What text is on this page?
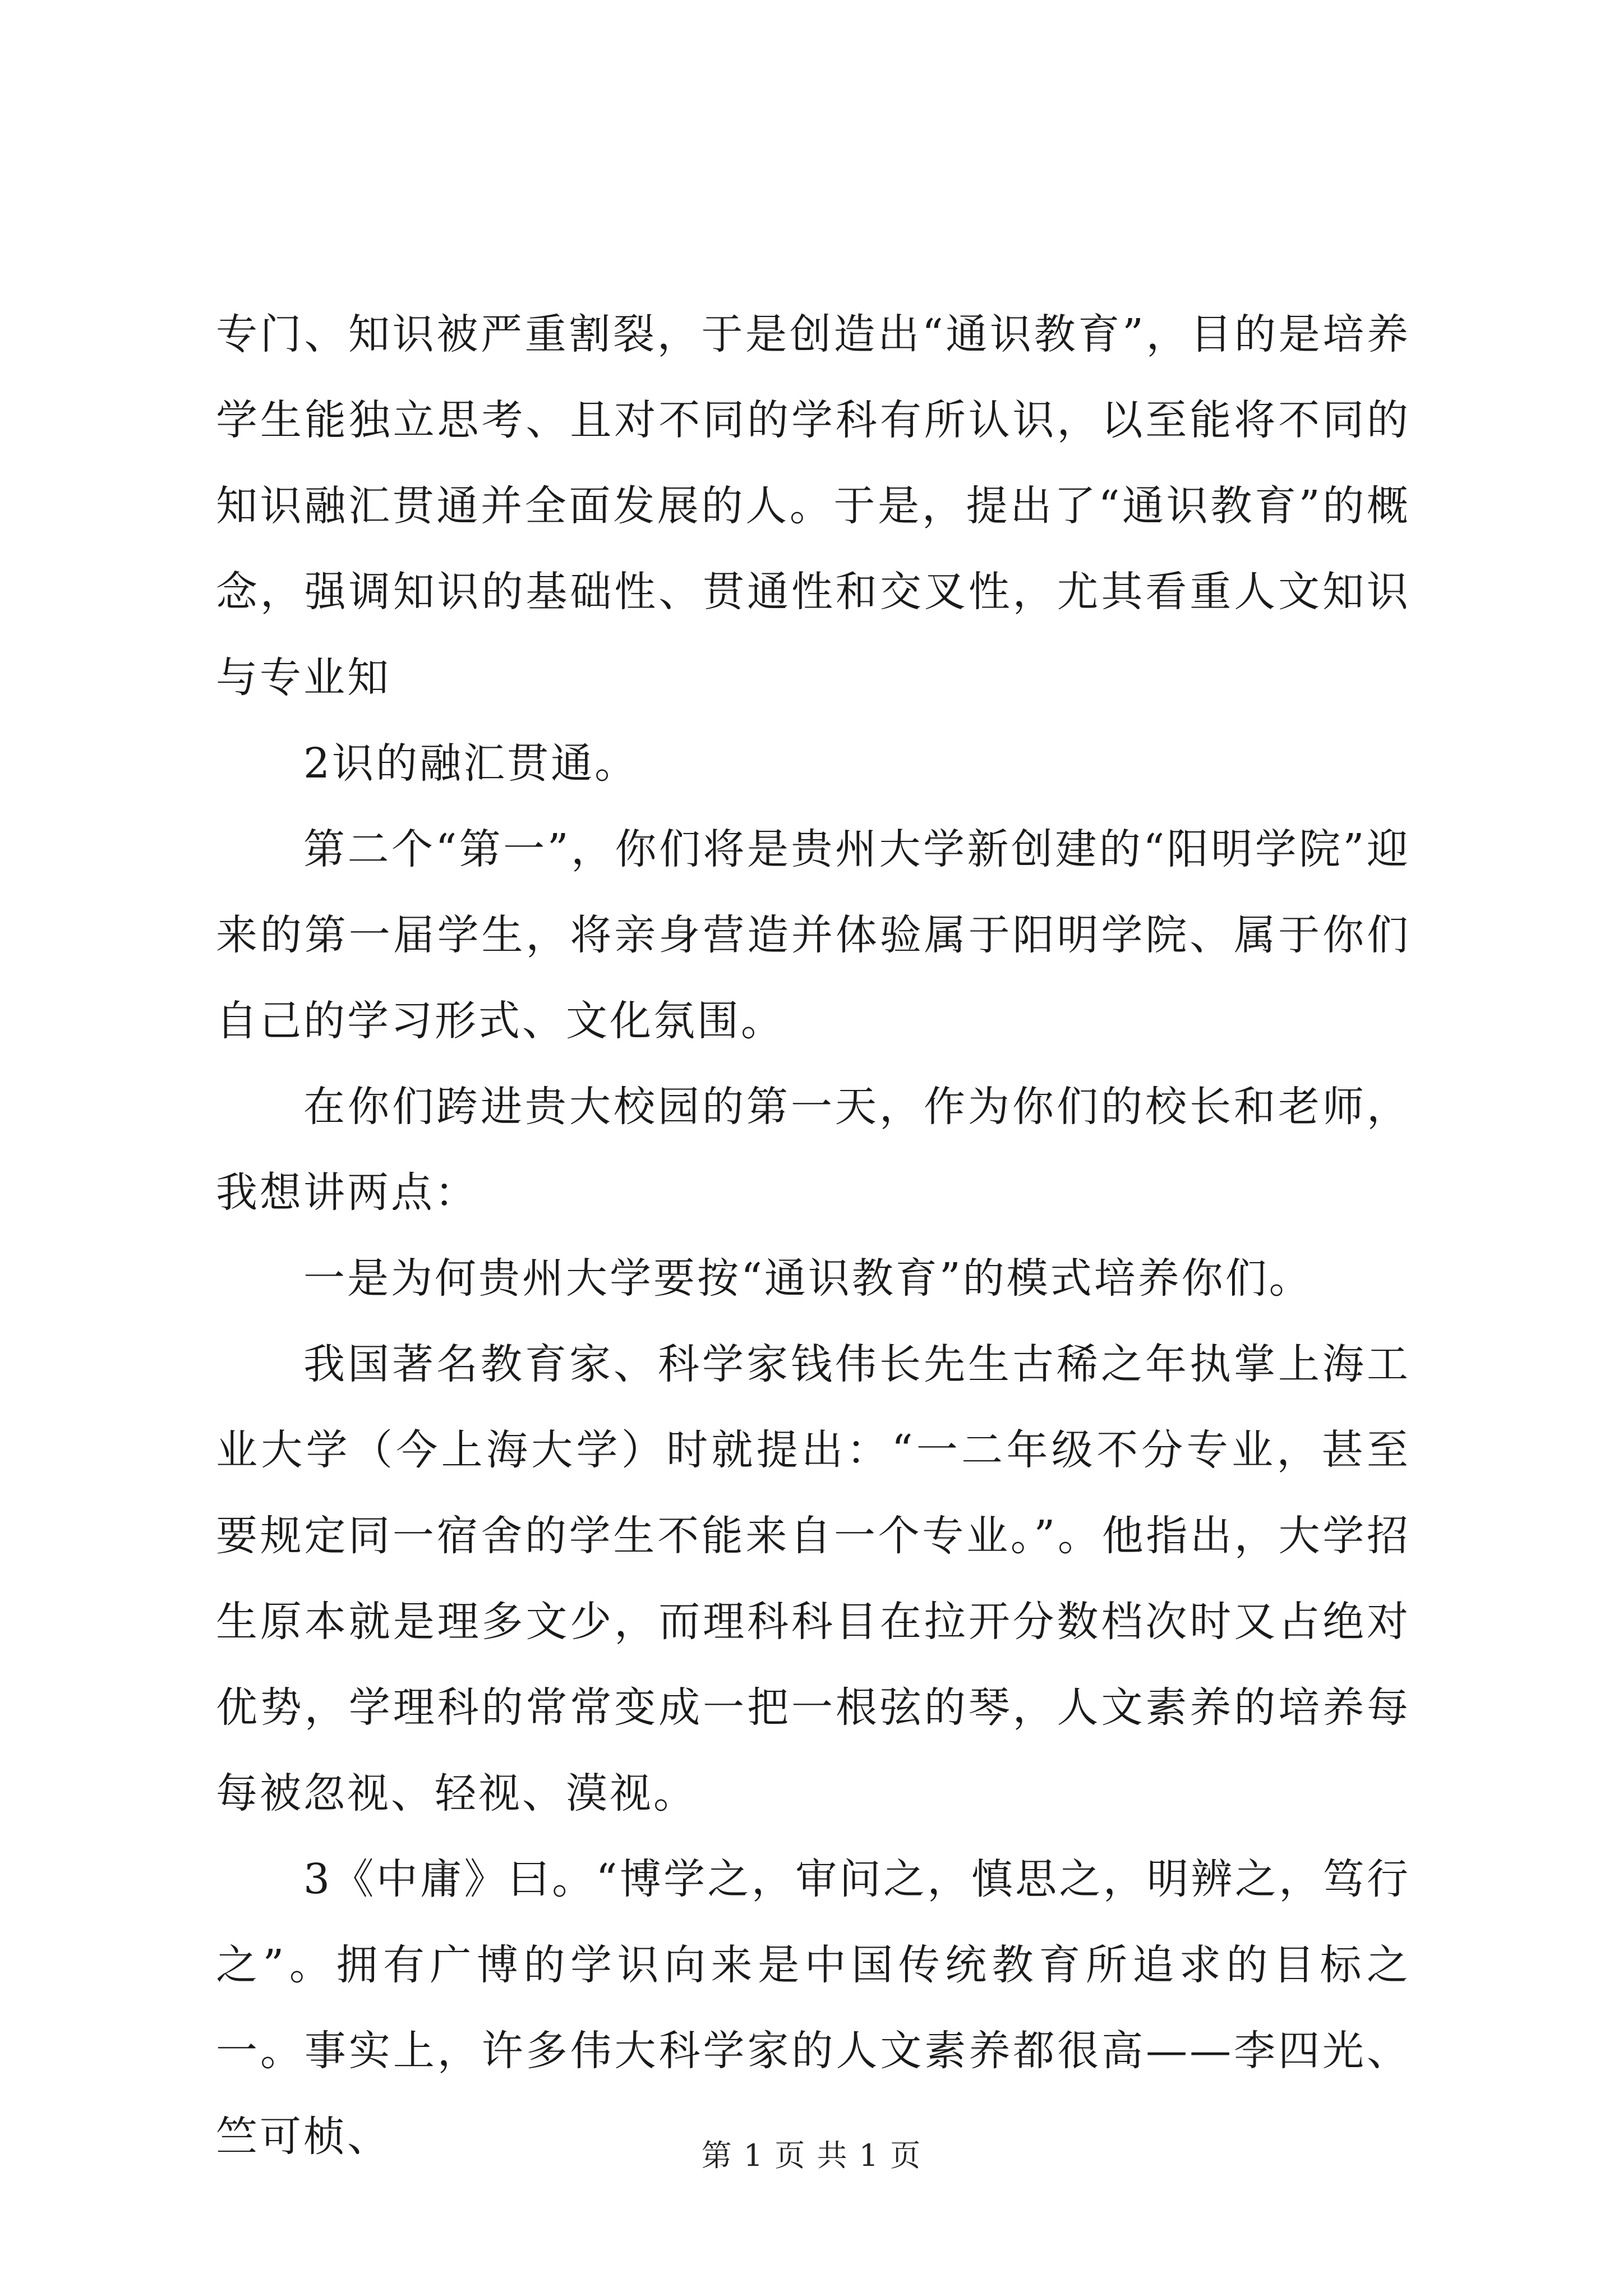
专门、知识被严重割裂，于是创造出“通识教育”，目的是培养学生能独立思考、且对不同的学科有所认识，以至能将不同的知识融汇贯通并全面发展的人。于是，提出了“通识教育”的概念，强调知识的基础性、贯通性和交叉性，尤其看重人文知识与专业知

2识的融汇贯通。

第二个“第一”，你们将是贵州大学新创建的“阳明学院”迎来的第一届学生，将亲身营造并体验属于阳明学院、属于你们自己的学习形式、文化氛围。

在你们跨进贵大校园的第一天，作为你们的校长和老师，我想讲两点：

一是为何贵州大学要按“通识教育”的模式培养你们。

我国著名教育家、科学家钱伟长先生古稀之年执掌上海工业大学（今上海大学）时就提出：“一二年级不分专业，甚至要规定同一宿舍的学生不能来自一个专业。”。他指出，大学招生原本就是理多文少，而理科科目在拉开分数档次时又占绝对优势，学理科的常常变成一把一根弦的琴，人文素养的培养每每被忽视、轻视、漠视。

3《中庸》曰。“博学之，审问之，慎思之，明辨之，笃行之”。拥有广博的学识向来是中国传统教育所追求的目标之一。事实上，许多伟大科学家的人文素养都很高——李四光、竺可桢、	第 1 页 共 1 页
